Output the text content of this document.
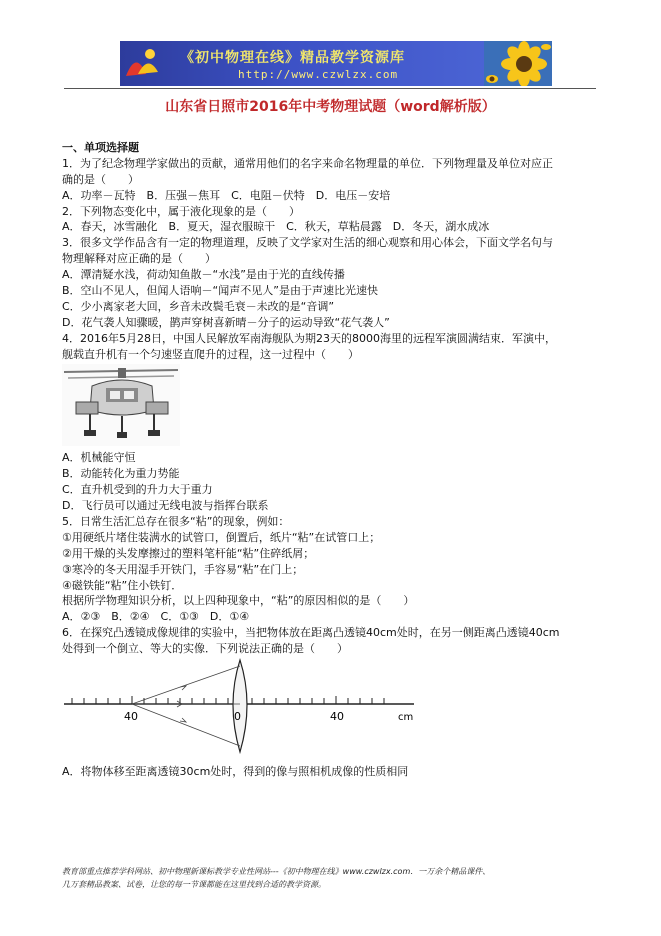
《初中物理在线》精品教学资源库
http://www.czwlzx.com
山东省日照市2016年中考物理试题（word解析版）
一、单项选择题
1．为了纪念物理学家做出的贡献，通常用他们的名字来命名物理量的单位．下列物理量及单位对应正
确的是（　　）
A．功率－瓦特　B．压强－焦耳　C．电阻－伏特　D．电压－安培
2．下列物态变化中，属于液化现象的是（　　）
A．春天，冰雪融化　B．夏天，湿衣服晾干　C．秋天，草粘晨露　D．冬天，湖水成冰
3．很多文学作品含有一定的物理道理，反映了文学家对生活的细心观察和用心体会，下面文学名句与
物理解释对应正确的是（　　）
A．潭清疑水浅，荷动知鱼散－“水浅”是由于光的直线传播
B．空山不见人，但闻人语响－“闻声不见人”是由于声速比光速快
C．少小离家老大回，乡音未改鬓毛衰－未改的是“音调”
D．花气袭人知骤暖，鹊声穿树喜新晴－分子的运动导致“花气袭人”
4．2016年5月28日，中国人民解放军南海舰队为期23天的8000海里的远程军演圆满结束．军演中，
舰载直升机有一个匀速竖直爬升的过程，这一过程中（　　）
A．机械能守恒
B．动能转化为重力势能
C．直升机受到的升力大于重力
D．飞行员可以通过无线电波与指挥台联系
5．日常生活汇总存在很多“粘”的现象，例如：
①用硬纸片堵住装满水的试管口，倒置后，纸片“粘”在试管口上；
②用干燥的头发摩擦过的塑料笔杆能“粘”住碎纸屑；
③寒冷的冬天用湿手开铁门，手容易“粘”在门上；
④磁铁能“粘”住小铁钉．
根据所学物理知识分析，以上四种现象中，“粘”的原因相似的是（　　）
A．②③　B．②④　C．①③　D．①④
6．在探究凸透镜成像规律的实验中，当把物体放在距离凸透镜40cm处时，在另一侧距离凸透镜40cm
处得到一个倒立、等大的实像．下列说法正确的是（　　）
40	0	40	cm
A．将物体移至距离透镜30cm处时，得到的像与照相机成像的性质相同
教育部重点推荐学科网站、初中物理新课标教学专业性网站---《初中物理在线》www.czwlzx.com．一万余个精品课件、
几万套精品教案、试卷，让您的每一节课都能在这里找到合适的教学资源。
